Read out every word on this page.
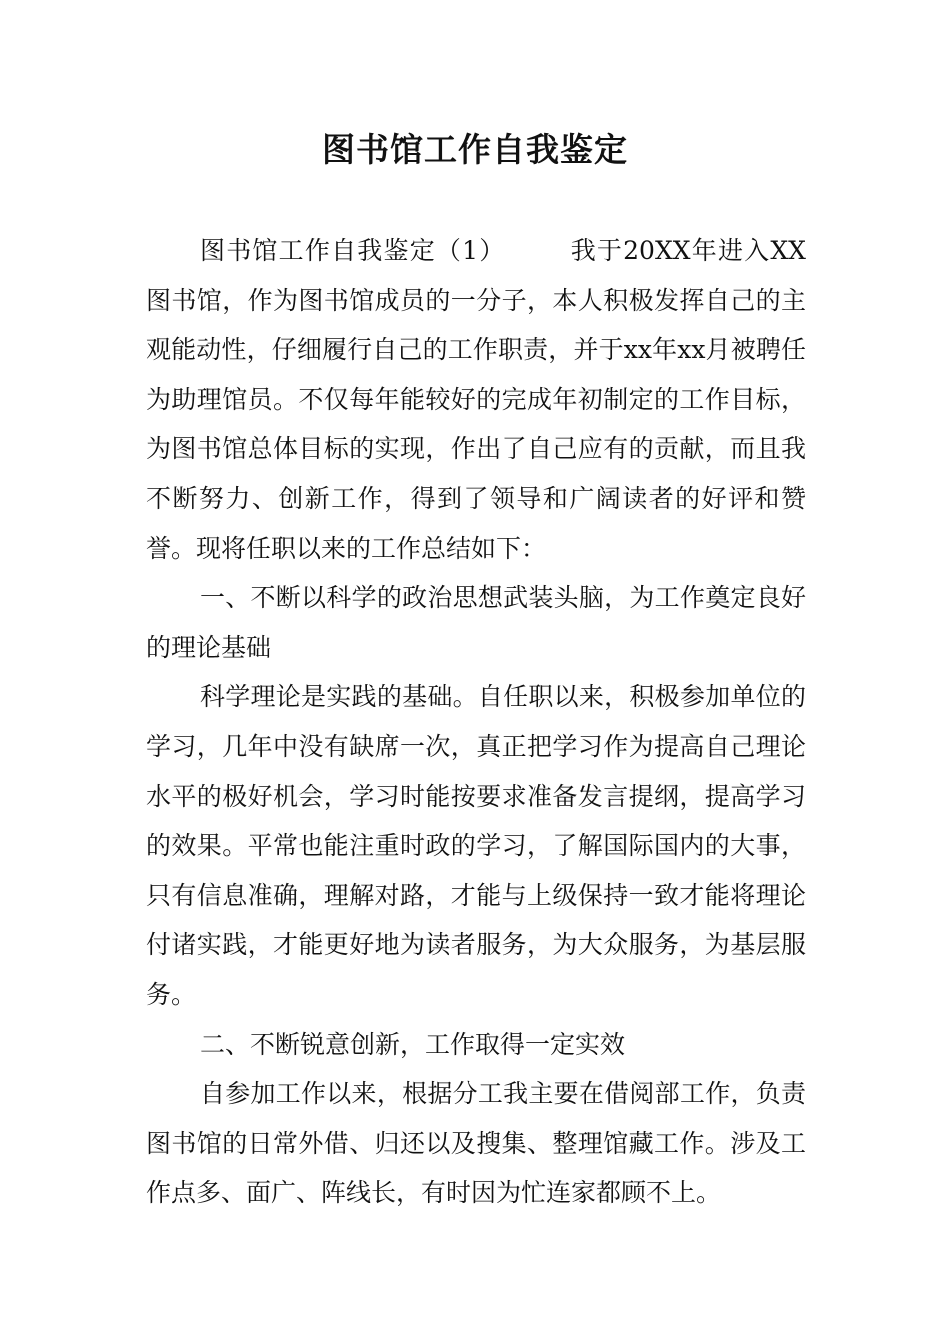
图书馆工作自我鉴定

图书馆工作自我鉴定（1）	我于20XX年进入XX图书馆，作为图书馆成员的一分子，本人积极发挥自己的主观能动性，仔细履行自己的工作职责，并于xx年xx月被聘任为助理馆员。不仅每年能较好的完成年初制定的工作目标，为图书馆总体目标的实现，作出了自己应有的贡献，而且我不断努力、创新工作，得到了领导和广阔读者的好评和赞誉。现将任职以来的工作总结如下：

一、不断以科学的政治思想武装头脑，为工作奠定良好的理论基础

科学理论是实践的基础。自任职以来，积极参加单位的学习，几年中没有缺席一次，真正把学习作为提高自己理论水平的极好机会，学习时能按要求准备发言提纲，提高学习的效果。平常也能注重时政的学习，了解国际国内的大事，只有信息准确，理解对路，才能与上级保持一致才能将理论付诸实践，才能更好地为读者服务，为大众服务，为基层服务。

二、不断锐意创新，工作取得一定实效

自参加工作以来，根据分工我主要在借阅部工作，负责图书馆的日常外借、归还以及搜集、整理馆藏工作。涉及工作点多、面广、阵线长，有时因为忙连家都顾不上。
